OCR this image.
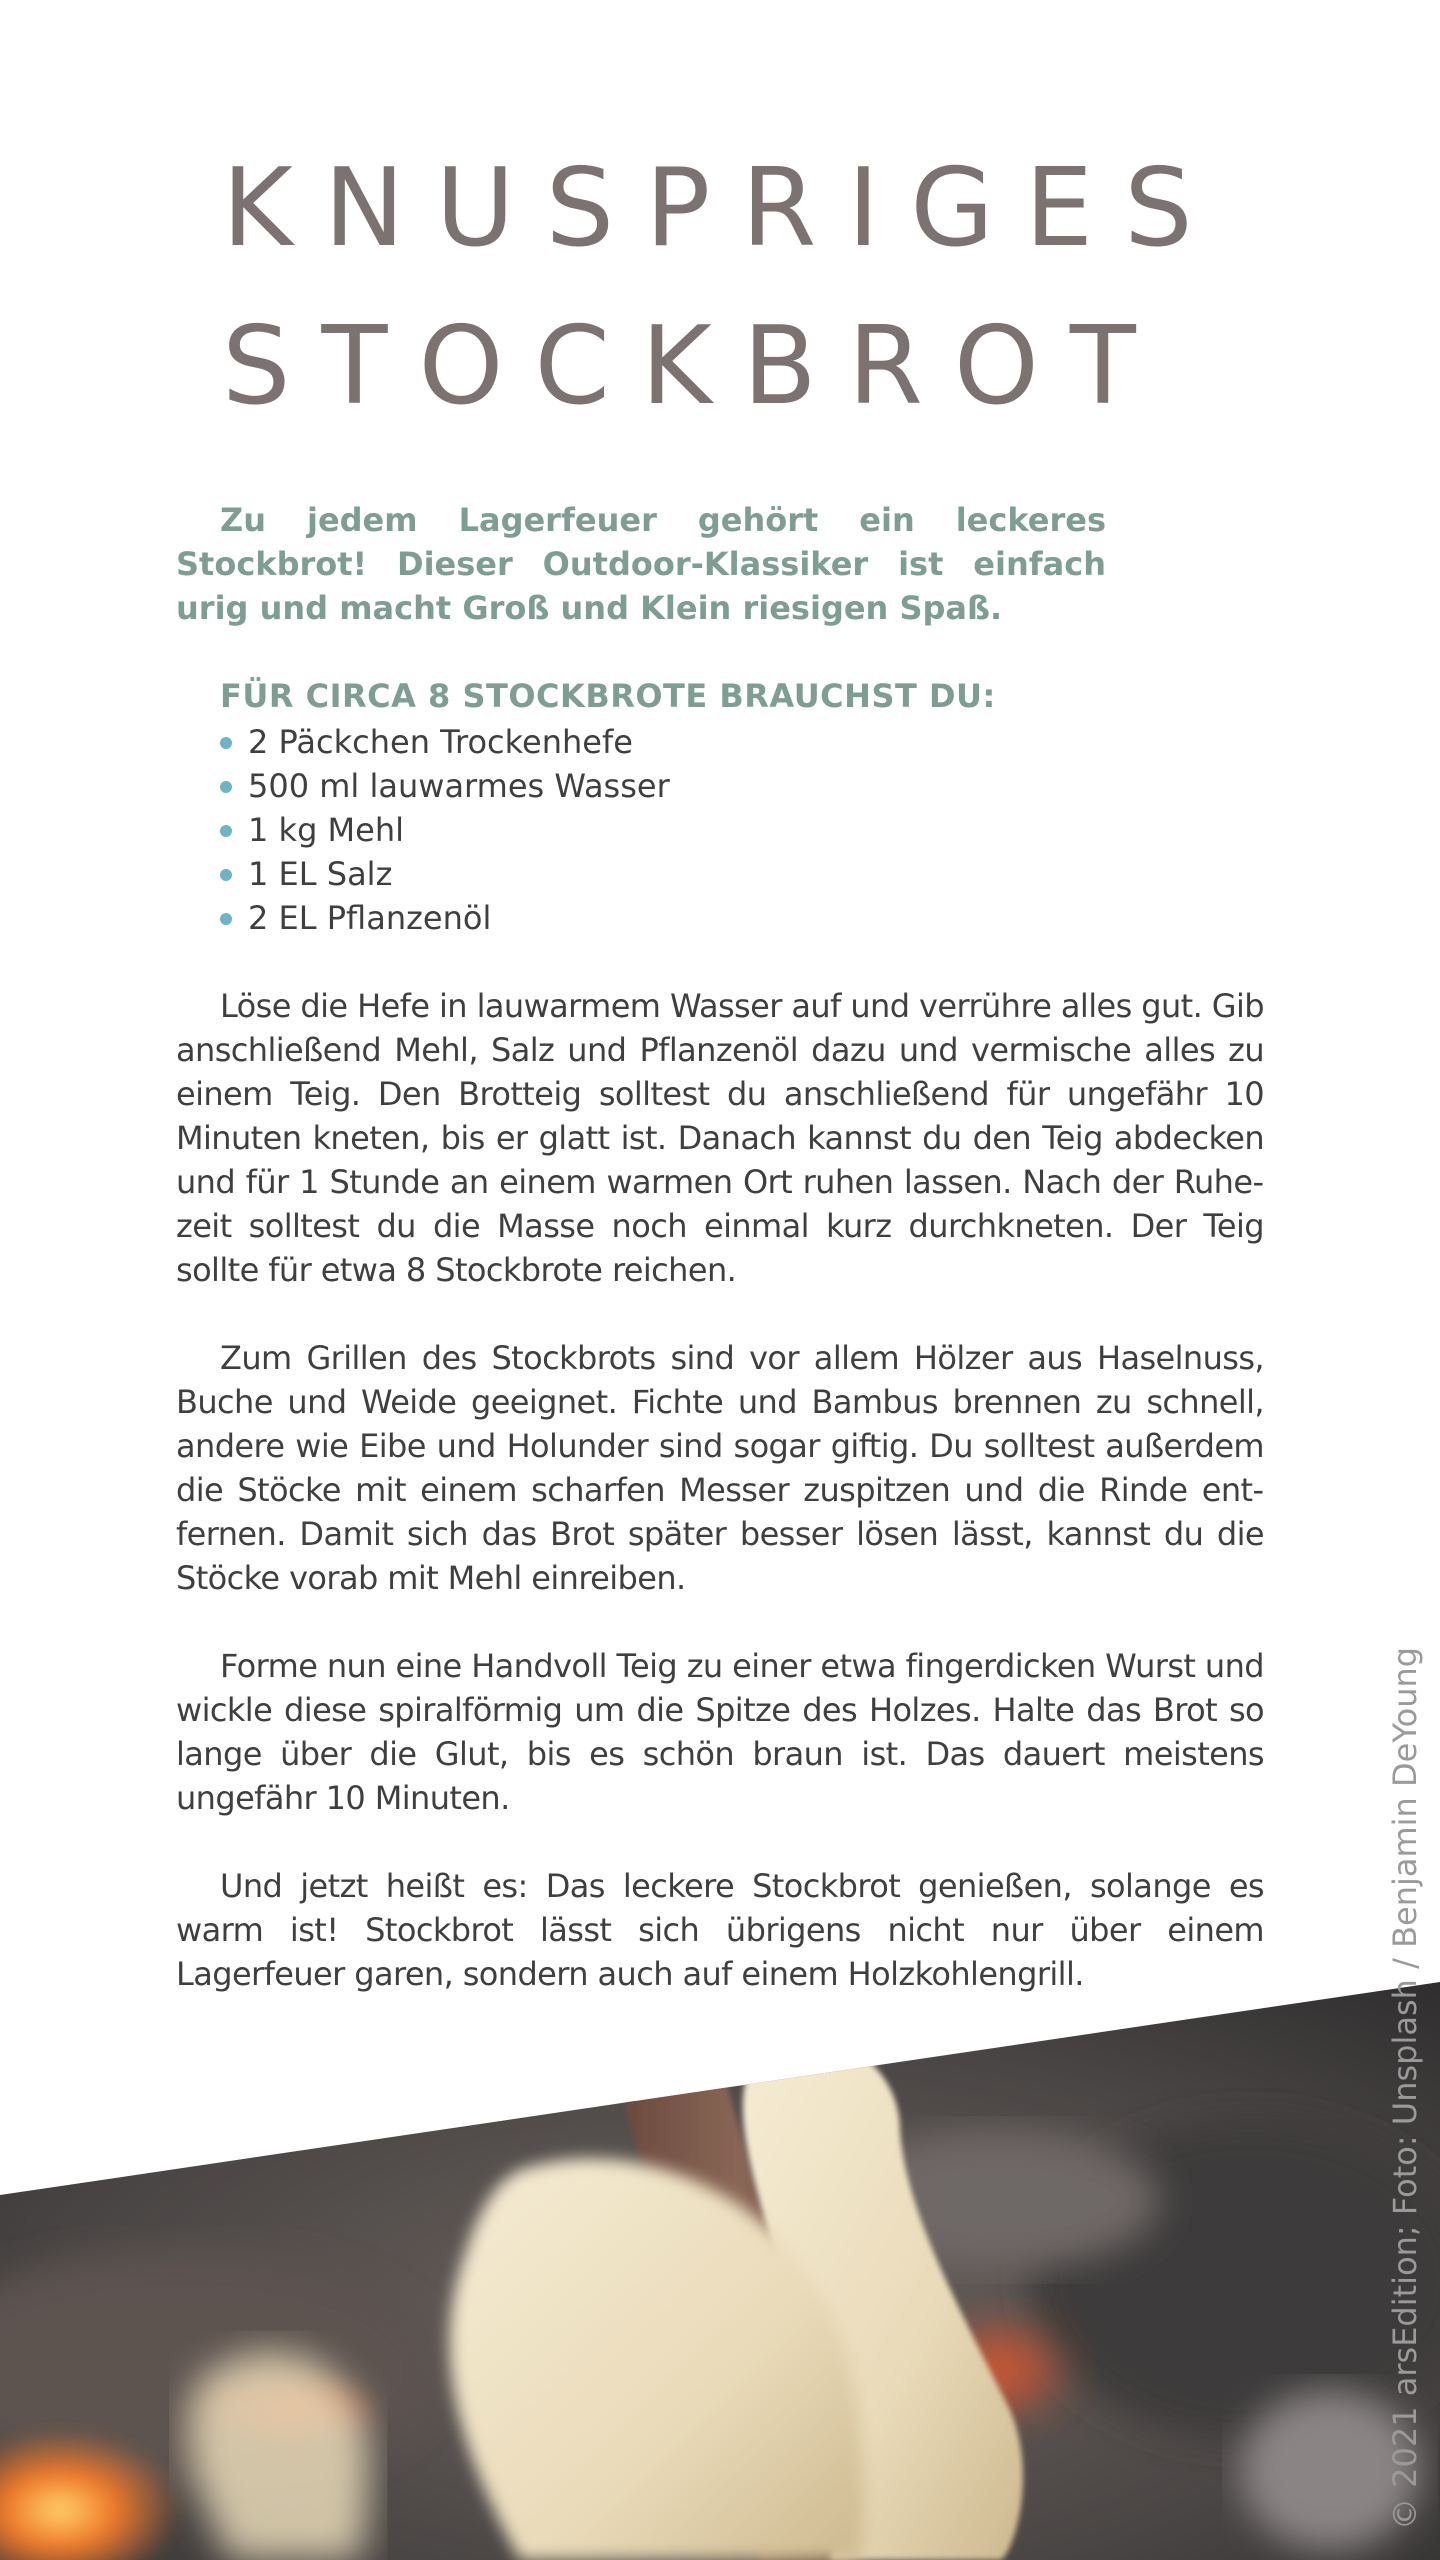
KNUSPRIGES
STOCKBROT

Zu jedem Lagerfeuer gehört ein leckeres Stockbrot! Dieser Outdoor-Klassiker ist einfach urig und macht Groß und Klein riesigen Spaß.

FÜR CIRCA 8 STOCKBROTE BRAUCHST DU:
2 Päckchen Trockenhefe
500 ml lauwarmes Wasser
1 kg Mehl
1 EL Salz
2 EL Pflanzenöl

Löse die Hefe in lauwarmem Wasser auf und verrühre alles gut. Gib anschließend Mehl, Salz und Pflanzenöl dazu und vermische alles zu einem Teig. Den Brotteig solltest du anschließend für ungefähr 10 Minuten kneten, bis er glatt ist. Danach kannst du den Teig abdecken und für 1 Stunde an einem warmen Ort ruhen lassen. Nach der Ruhezeit solltest du die Masse noch einmal kurz durchkneten. Der Teig sollte für etwa 8 Stockbrote reichen.

Zum Grillen des Stockbrots sind vor allem Hölzer aus Haselnuss, Buche und Weide geeignet. Fichte und Bambus brennen zu schnell, andere wie Eibe und Holunder sind sogar giftig. Du solltest außerdem die Stöcke mit einem scharfen Messer zuspitzen und die Rinde entfernen. Damit sich das Brot später besser lösen lässt, kannst du die Stöcke vorab mit Mehl einreiben.

Forme nun eine Handvoll Teig zu einer etwa fingerdicken Wurst und wickle diese spiralförmig um die Spitze des Holzes. Halte das Brot so lange über die Glut, bis es schön braun ist. Das dauert meistens ungefähr 10 Minuten.

Und jetzt heißt es: Das leckere Stockbrot genießen, solange es warm ist! Stockbrot lässt sich übrigens nicht nur über einem Lagerfeuer garen, sondern auch auf einem Holzkohlengrill.	© 2021 arsEdition; Foto: Unsplash / Benjamin DeYoung
